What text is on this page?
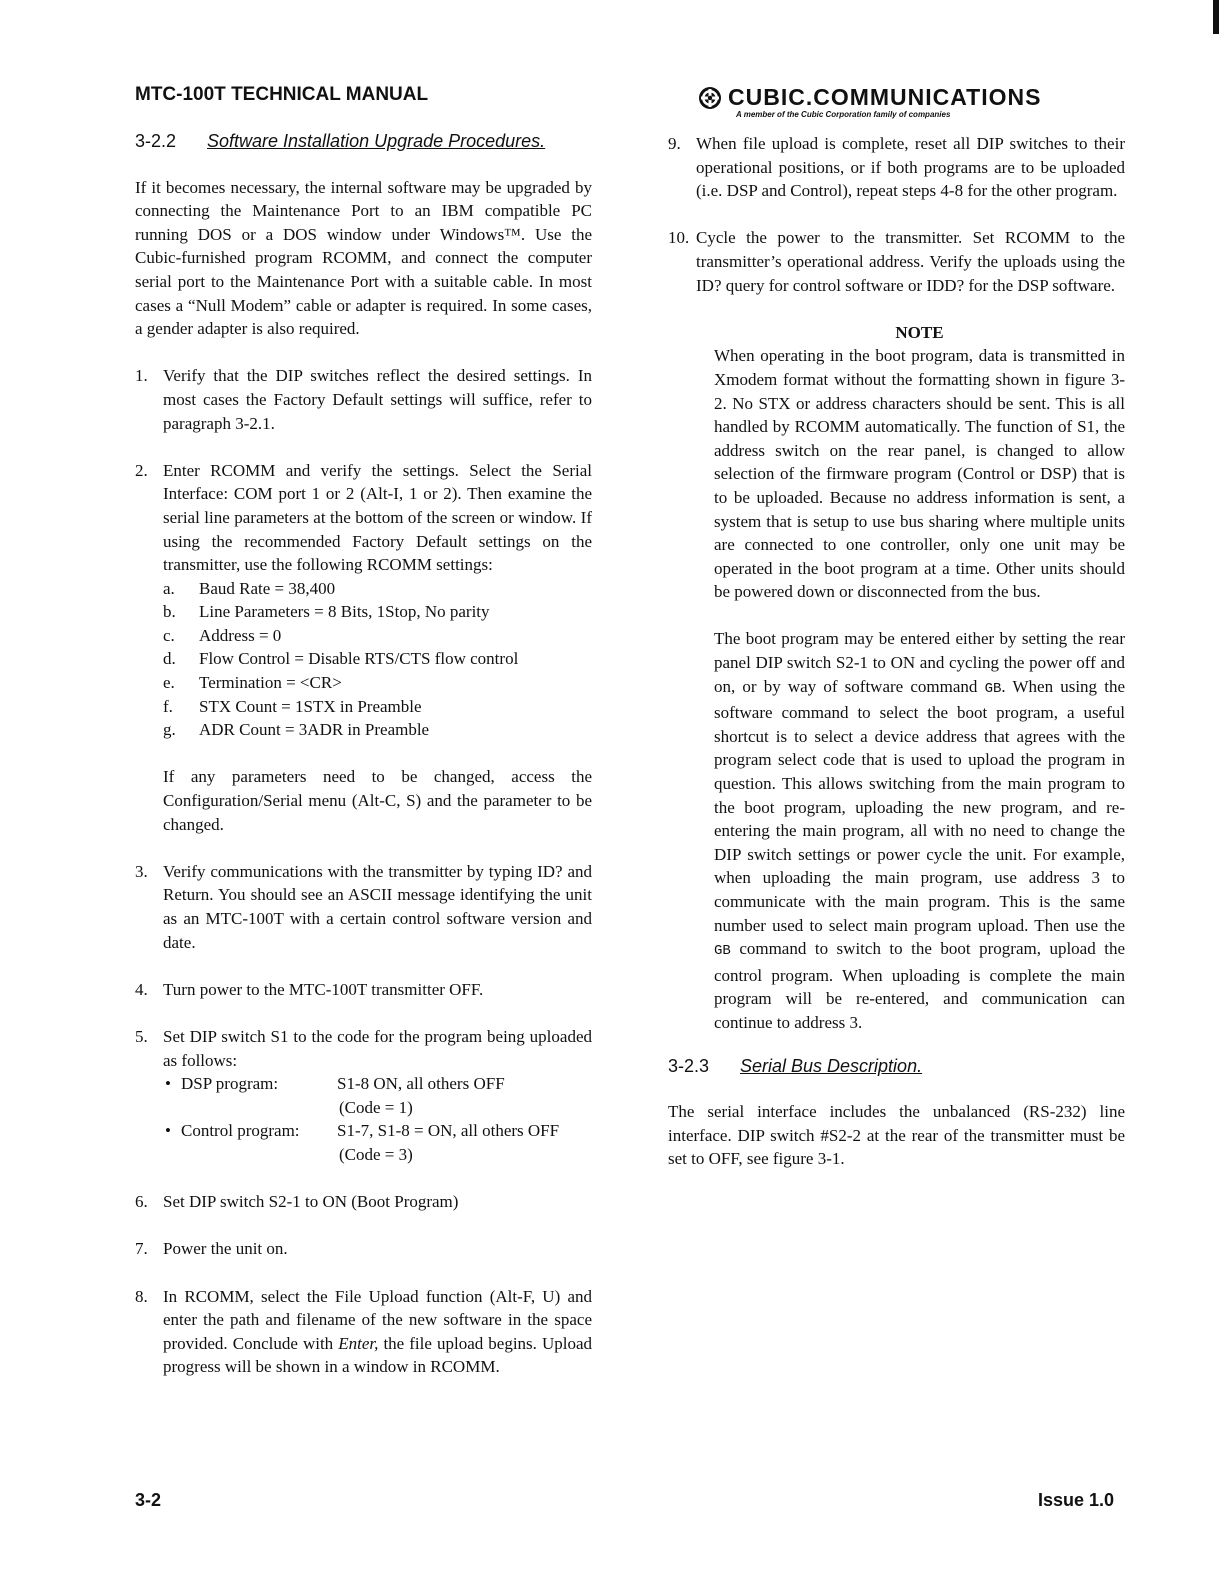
MTC-100T TECHNICAL MANUAL	CUBIC.COMMUNICATIONS
A member of the Cubic Corporation family of companies
3-2.2 Software Installation Upgrade Procedures.

If it becomes necessary, the internal software may be upgraded by connecting the Maintenance Port to an IBM compatible PC running DOS or a DOS window under Windows™. Use the Cubic-furnished program RCOMM, and connect the computer serial port to the Maintenance Port with a suitable cable. In most cases a “Null Modem” cable or adapter is required. In some cases, a gender adapter is also required.

1. Verify that the DIP switches reflect the desired settings. In most cases the Factory Default settings will suffice, refer to paragraph 3-2.1.

2. Enter RCOMM and verify the settings. Select the Serial Interface: COM port 1 or 2 (Alt-I, 1 or 2). Then examine the serial line parameters at the bottom of the screen or window. If using the recommended Factory Default settings on the transmitter, use the following RCOMM settings:

a. Baud Rate = 38,400
b. Line Parameters = 8 Bits, 1Stop, No parity
c. Address = 0
d. Flow Control = Disable RTS/CTS flow control
e. Termination = <CR>
f. STX Count = 1STX in Preamble
g. ADR Count = 3ADR in Preamble

If any parameters need to be changed, access the Configuration/Serial menu (Alt-C, S) and the parameter to be changed.

3. Verify communications with the transmitter by typing ID? and Return. You should see an ASCII message identifying the unit as an MTC-100T with a certain control software version and date.

4. Turn power to the MTC-100T transmitter OFF.

5. Set DIP switch S1 to the code for the program being uploaded as follows:

• DSP program:	S1-8 ON, all others OFF
(Code = 1)
• Control program: S1-7, S1-8 = ON, all others OFF
(Code = 3)
6. Set DIP switch S2-1 to ON (Boot Program)

7. Power the unit on.

8. In RCOMM, select the File Upload function (Alt-F, U) and enter the path and filename of the new software in the space provided. Conclude with Enter, the file upload begins. Upload progress will be shown in a window in RCOMM.

9. When file upload is complete, reset all DIP switches to their operational positions, or if both programs are to be uploaded (i.e. DSP and Control), repeat steps 4-8 for the other program.

10. Cycle the power to the transmitter. Set RCOMM to the transmitter’s operational address. Verify the uploads using the ID? query for control software or IDD? for the DSP software.

NOTE

When operating in the boot program, data is transmitted in Xmodem format without the formatting shown in figure 3-2. No STX or address characters should be sent. This is all handled by RCOMM automatically. The function of S1, the address switch on the rear panel, is changed to allow selection of the firmware program (Control or DSP) that is to be uploaded. Because no address information is sent, a system that is setup to use bus sharing where multiple units are connected to one controller, only one unit may be operated in the boot program at a time. Other units should be powered down or disconnected from the bus.

The boot program may be entered either by setting the rear panel DIP switch S2-1 to ON and cycling the power off and on, or by way of software command GB. When using the software command to select the boot program, a useful shortcut is to select a device address that agrees with the program select code that is used to upload the program in question. This allows switching from the main program to the boot program, uploading the new program, and re-entering the main program, all with no need to change the DIP switch settings or power cycle the unit. For example, when uploading the main program, use address 3 to communicate with the main program. This is the same number used to select main program upload. Then use the GB command to switch to the boot program, upload the control program. When uploading is complete the main program will be re-entered, and communication can continue to address 3.

3-2.3 Serial Bus Description.

The serial interface includes the unbalanced (RS-232) line interface. DIP switch #S2-2 at the rear of the transmitter must be set to OFF, see figure 3-1.

3-2	Issue 1.0
